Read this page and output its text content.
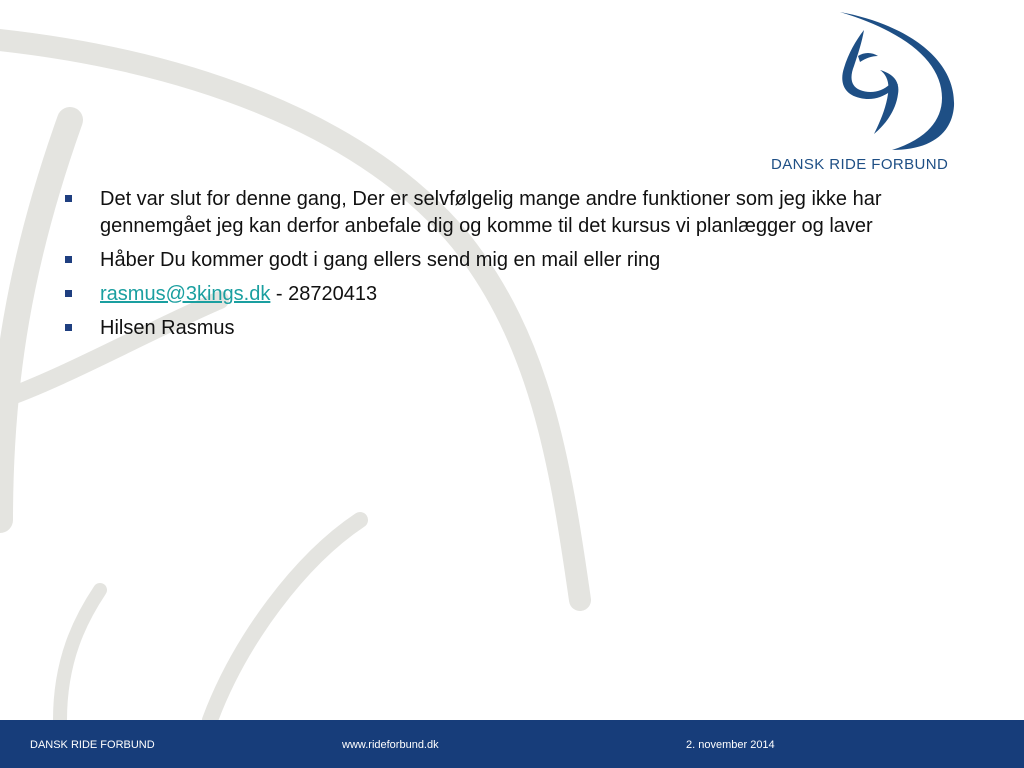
DANSK RIDE FORBUND
Det var slut for denne gang, Der er selvfølgelig mange andre funktioner som jeg ikke har gennemgået jeg kan derfor anbefale dig og komme til det kursus vi planlægger og laver
Håber Du kommer godt i gang ellers send mig en mail eller ring
rasmus@3kings.dk - 28720413
Hilsen Rasmus
DANSK RIDE FORBUND	www.rideforbund.dk	2. november 2014
